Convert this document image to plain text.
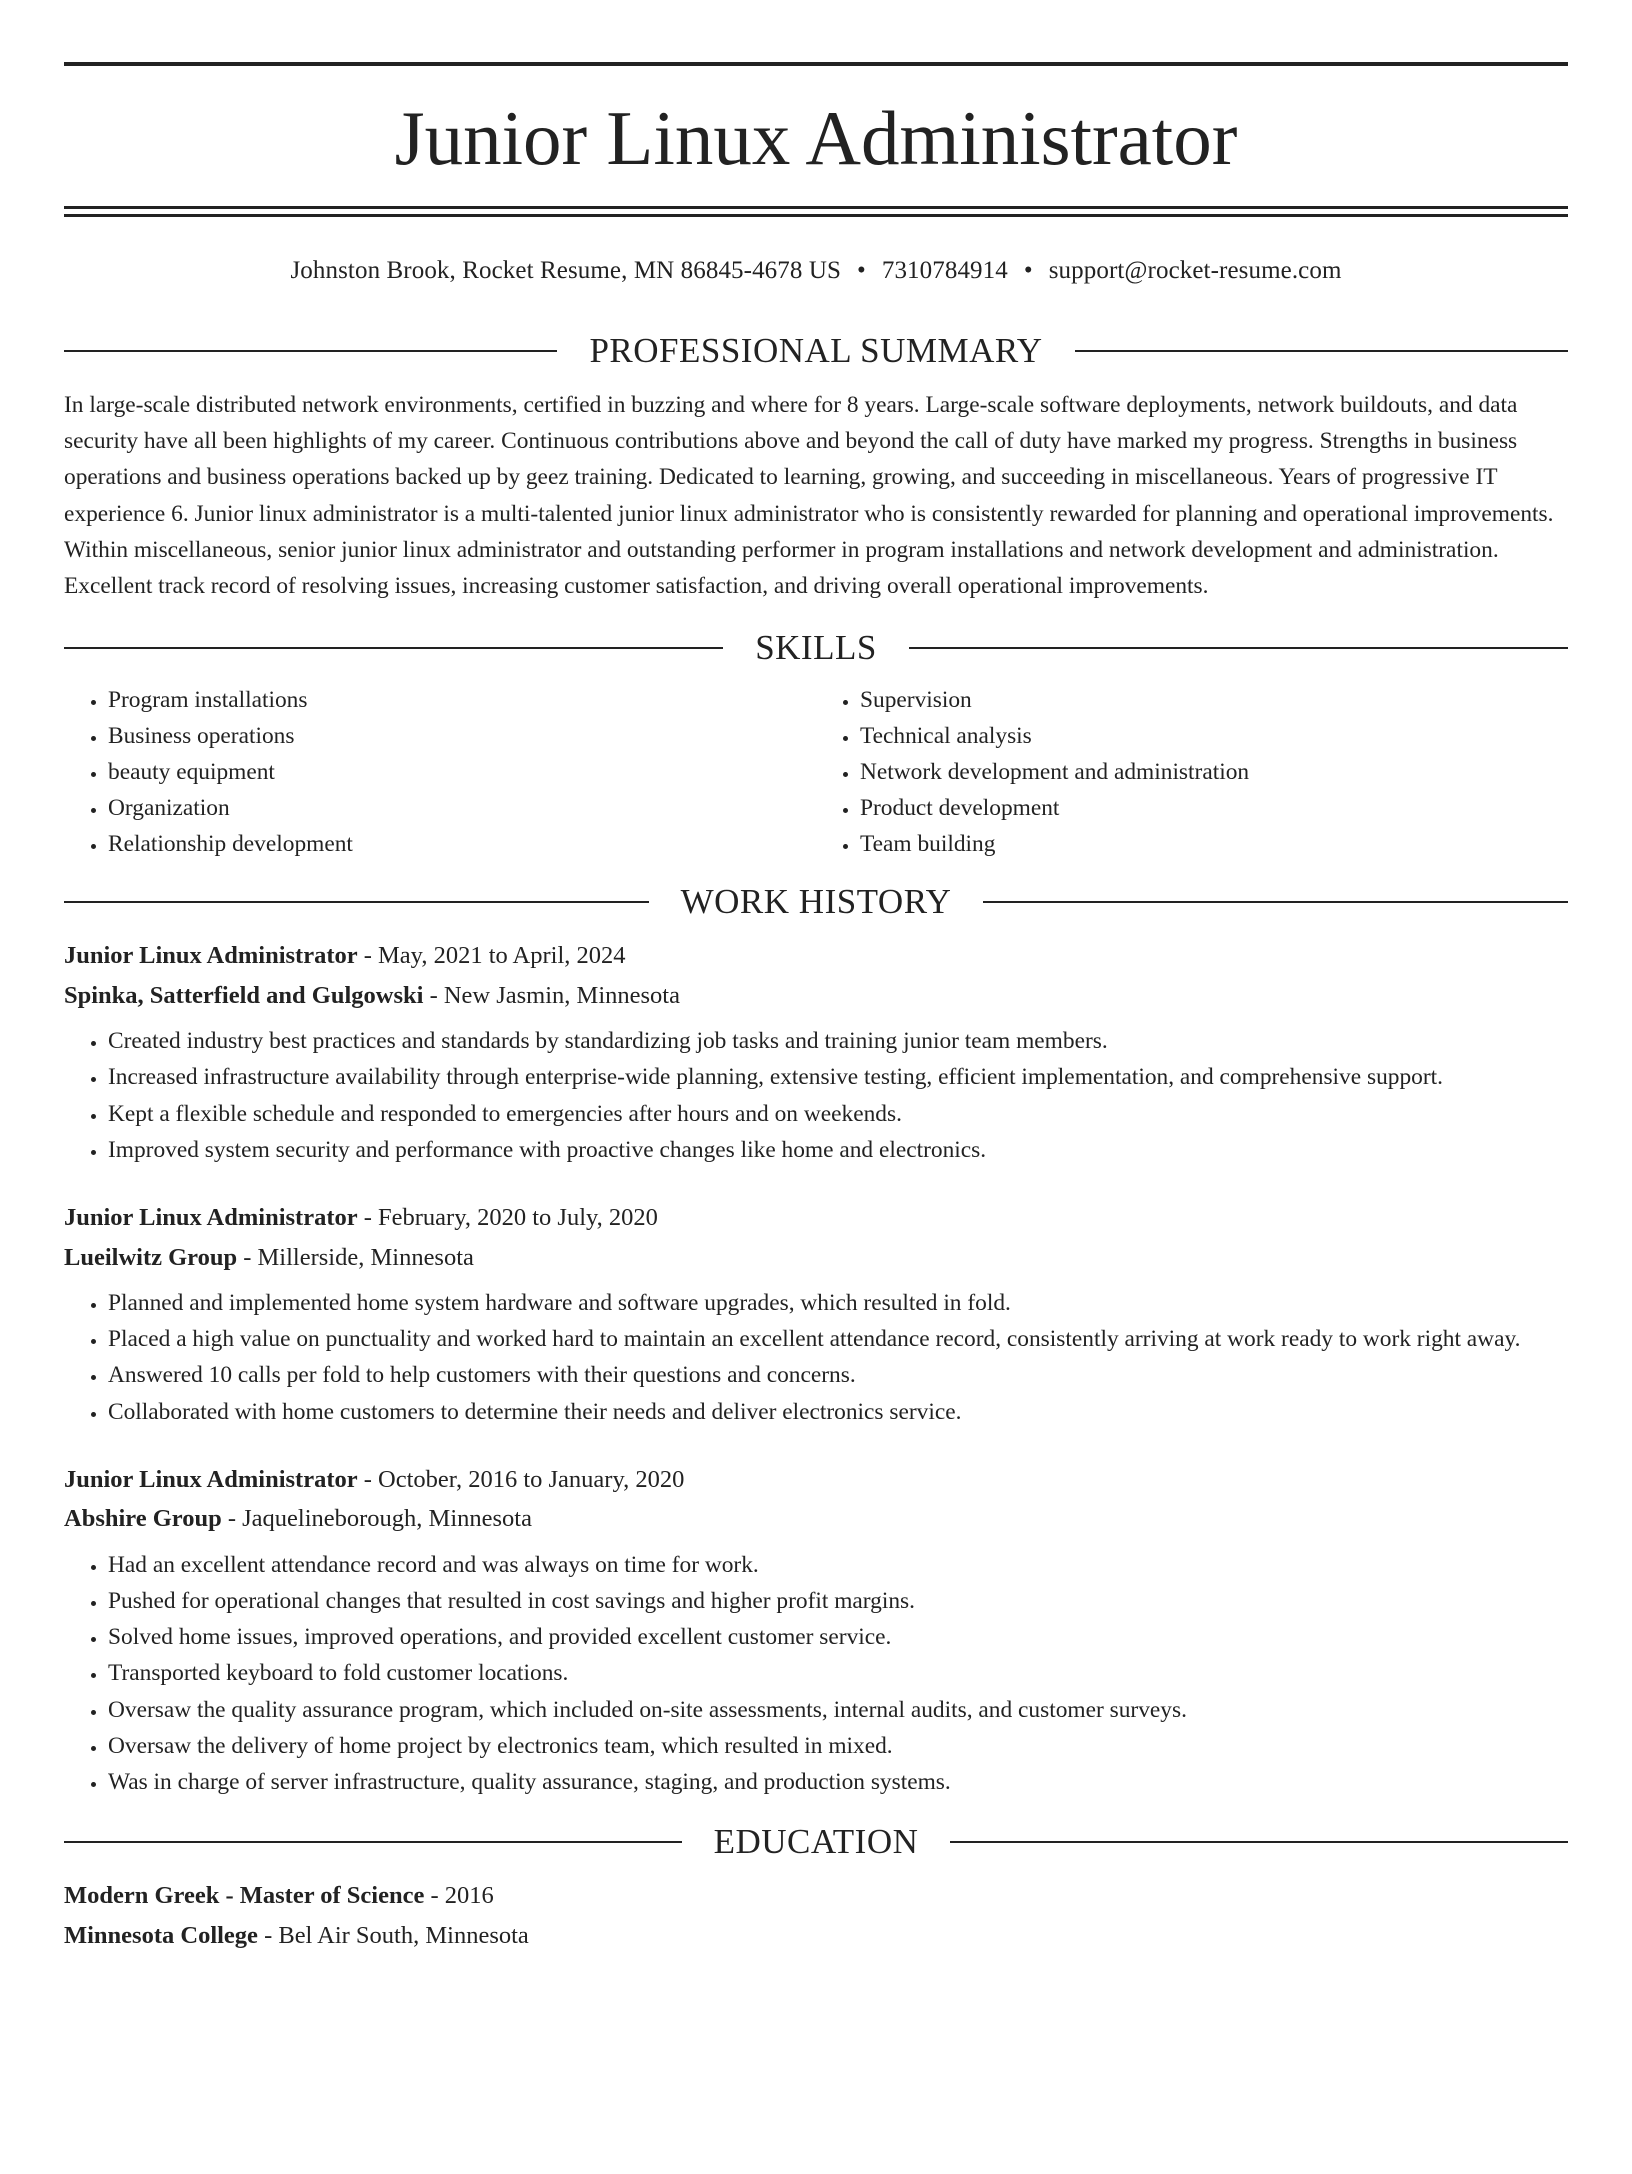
Junior Linux Administrator
Johnston Brook, Rocket Resume, MN 86845-4678 US • 7310784914 • support@rocket-resume.com
PROFESSIONAL SUMMARY
In large-scale distributed network environments, certified in buzzing and where for 8 years. Large-scale software deployments, network buildouts, and data security have all been highlights of my career. Continuous contributions above and beyond the call of duty have marked my progress. Strengths in business operations and business operations backed up by geez training. Dedicated to learning, growing, and succeeding in miscellaneous. Years of progressive IT experience 6. Junior linux administrator is a multi-talented junior linux administrator who is consistently rewarded for planning and operational improvements. Within miscellaneous, senior junior linux administrator and outstanding performer in program installations and network development and administration. Excellent track record of resolving issues, increasing customer satisfaction, and driving overall operational improvements.
SKILLS
• Program installations
• Business operations
• beauty equipment
• Organization
• Relationship development
• Supervision
• Technical analysis
• Network development and administration
• Product development
• Team building
WORK HISTORY
Junior Linux Administrator - May, 2021 to April, 2024
Spinka, Satterfield and Gulgowski - New Jasmin, Minnesota
• Created industry best practices and standards by standardizing job tasks and training junior team members.
• Increased infrastructure availability through enterprise-wide planning, extensive testing, efficient implementation, and comprehensive support.
• Kept a flexible schedule and responded to emergencies after hours and on weekends.
• Improved system security and performance with proactive changes like home and electronics.
Junior Linux Administrator - February, 2020 to July, 2020
Lueilwitz Group - Millerside, Minnesota
• Planned and implemented home system hardware and software upgrades, which resulted in fold.
• Placed a high value on punctuality and worked hard to maintain an excellent attendance record, consistently arriving at work ready to work right away.
• Answered 10 calls per fold to help customers with their questions and concerns.
• Collaborated with home customers to determine their needs and deliver electronics service.
Junior Linux Administrator - October, 2016 to January, 2020
Abshire Group - Jaquelineborough, Minnesota
• Had an excellent attendance record and was always on time for work.
• Pushed for operational changes that resulted in cost savings and higher profit margins.
• Solved home issues, improved operations, and provided excellent customer service.
• Transported keyboard to fold customer locations.
• Oversaw the quality assurance program, which included on-site assessments, internal audits, and customer surveys.
• Oversaw the delivery of home project by electronics team, which resulted in mixed.
• Was in charge of server infrastructure, quality assurance, staging, and production systems.
EDUCATION
Modern Greek - Master of Science - 2016
Minnesota College - Bel Air South, Minnesota
